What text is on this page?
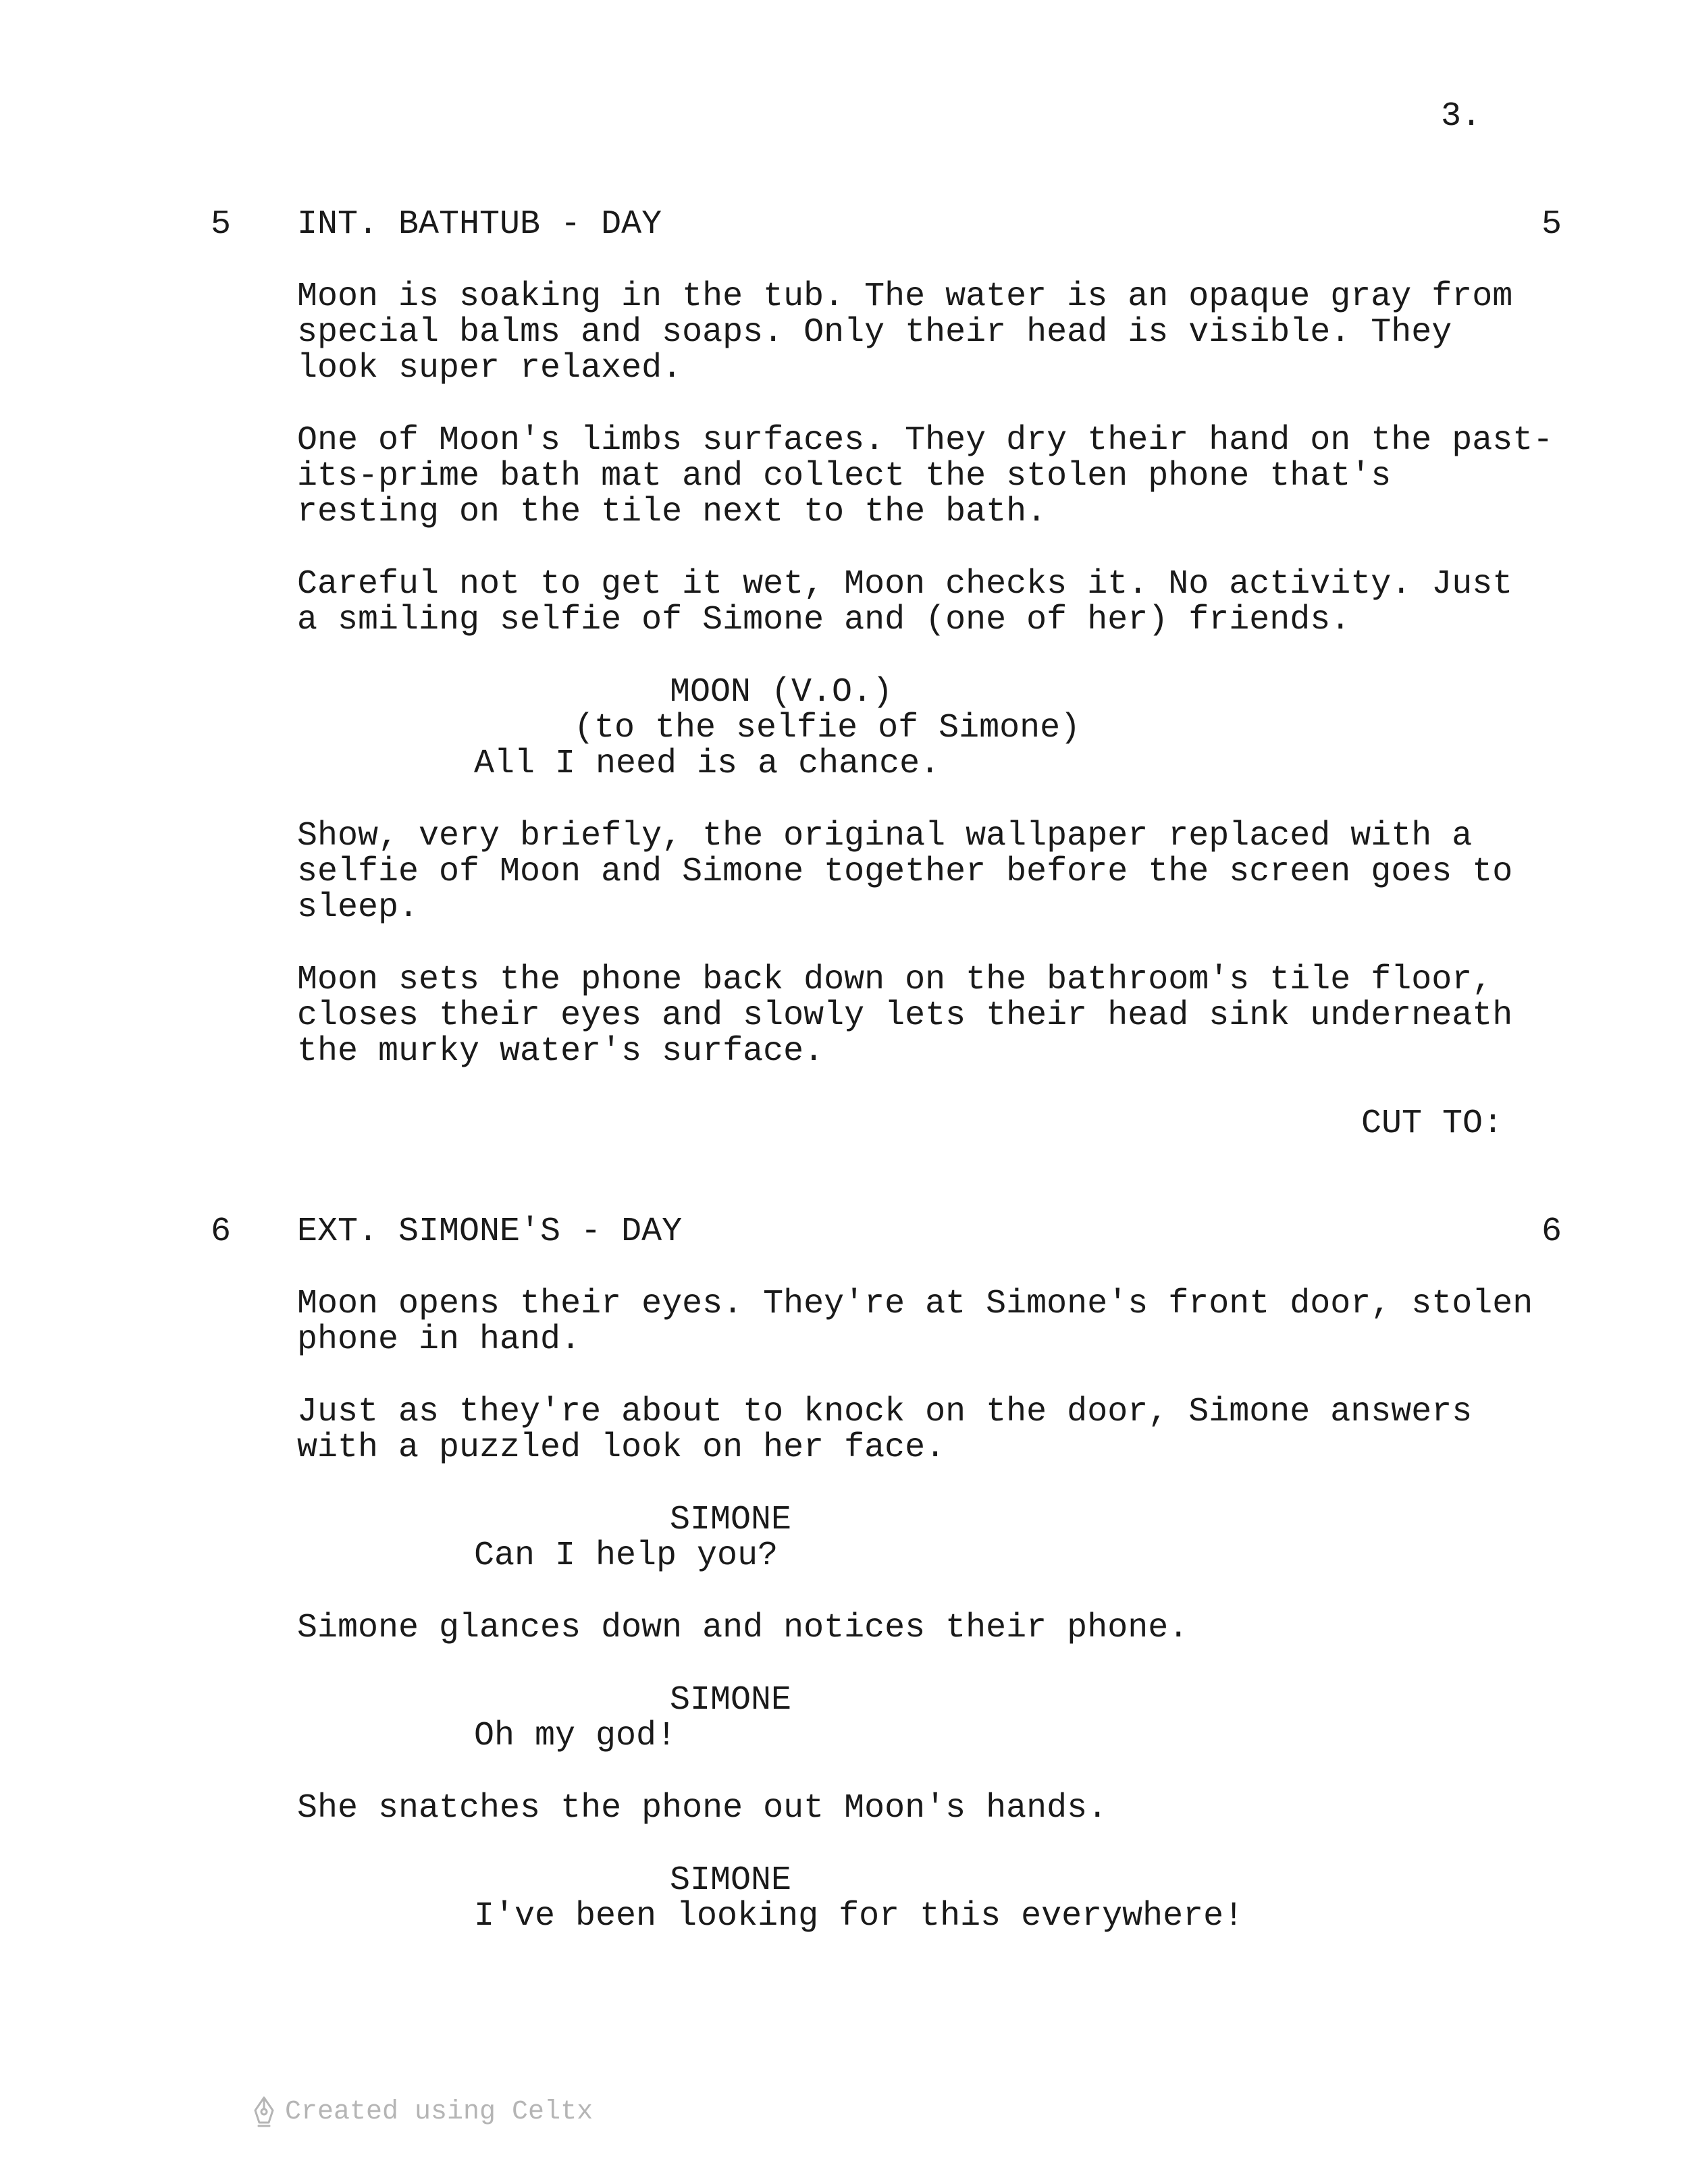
3.
5 INT. BATHTUB - DAY	5
Moon is soaking in the tub. The water is an opaque gray from
special balms and soaps. Only their head is visible. They
look super relaxed.
One of Moon's limbs surfaces. They dry their hand on the past-
its-prime bath mat and collect the stolen phone that's
resting on the tile next to the bath.
Careful not to get it wet, Moon checks it. No activity. Just
a smiling selfie of Simone and (one of her) friends.
MOON (V.O.)
(to the selfie of Simone)
All I need is a chance.
Show, very briefly, the original wallpaper replaced with a
selfie of Moon and Simone together before the screen goes to
sleep.
Moon sets the phone back down on the bathroom's tile floor,
closes their eyes and slowly lets their head sink underneath
the murky water's surface.
CUT TO:
6 EXT. SIMONE'S - DAY	6
Moon opens their eyes. They're at Simone's front door, stolen
phone in hand.
Just as they're about to knock on the door, Simone answers
with a puzzled look on her face.
SIMONE
Can I help you?
Simone glances down and notices their phone.
SIMONE
Oh my god!
She snatches the phone out Moon's hands.
SIMONE
I've been looking for this everywhere!
Created using Celtx
